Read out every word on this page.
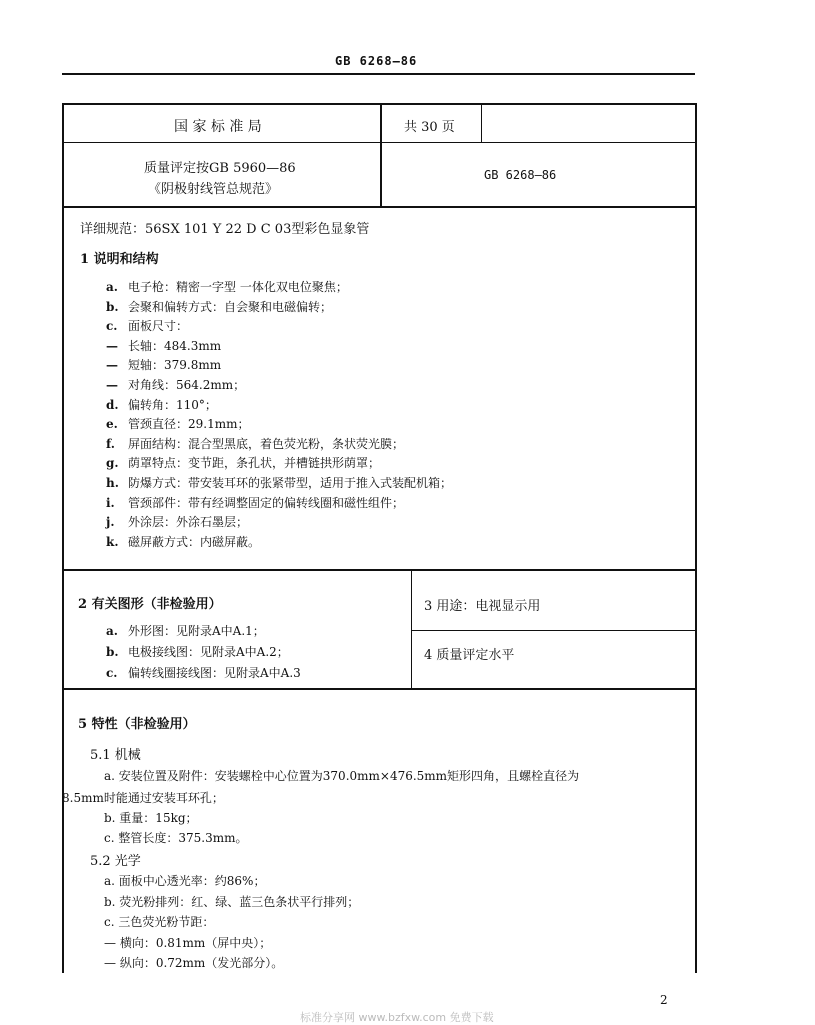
GB 6268—86
国 家 标 准 局	共 30 页
质量评定按GB 5960—86
《阴极射线管总规范》
GB 6268—86
详细规范：56SX 101 Y 22 D C 03型彩色显象管
1 说明和结构
a. 电子枪：精密一字型 一体化双电位聚焦；
b. 会聚和偏转方式：自会聚和电磁偏转；
c. 面板尺寸：
— 长轴：484.3mm
— 短轴：379.8mm
— 对角线：564.2mm；
d. 偏转角：110°；
e. 管颈直径：29.1mm；
f. 屏面结构：混合型黑底，着色荧光粉，条状荧光膜；
g. 荫罩特点：变节距，条孔状，并槽链拱形荫罩；
h. 防爆方式：带安装耳环的张紧带型，适用于推入式装配机箱；
i. 管颈部件：带有经调整固定的偏转线圈和磁性组件；
j. 外涂层：外涂石墨层；
k. 磁屏蔽方式：内磁屏蔽。
2 有关图形（非检验用）
a. 外形图：见附录A中A.1；
b. 电极接线图：见附录A中A.2；
c. 偏转线圈接线图：见附录A中A.3
3 用途：电视显示用
4 质量评定水平
5 特性（非检验用）
5.1 机械
a. 安装位置及附件：安装螺栓中心位置为370.0mm×476.5mm矩形四角，且螺栓直径为
8.5mm时能通过安装耳环孔；
b. 重量：15kg；
c. 整管长度：375.3mm。
5.2 光学
a. 面板中心透光率：约86%；
b. 荧光粉排列：红、绿、蓝三色条状平行排列；
c. 三色荧光粉节距：
— 横向：0.81mm（屏中央）；
— 纵向：0.72mm（发光部分）。
2
标准分享网 www.bzfxw.com 免费下载
